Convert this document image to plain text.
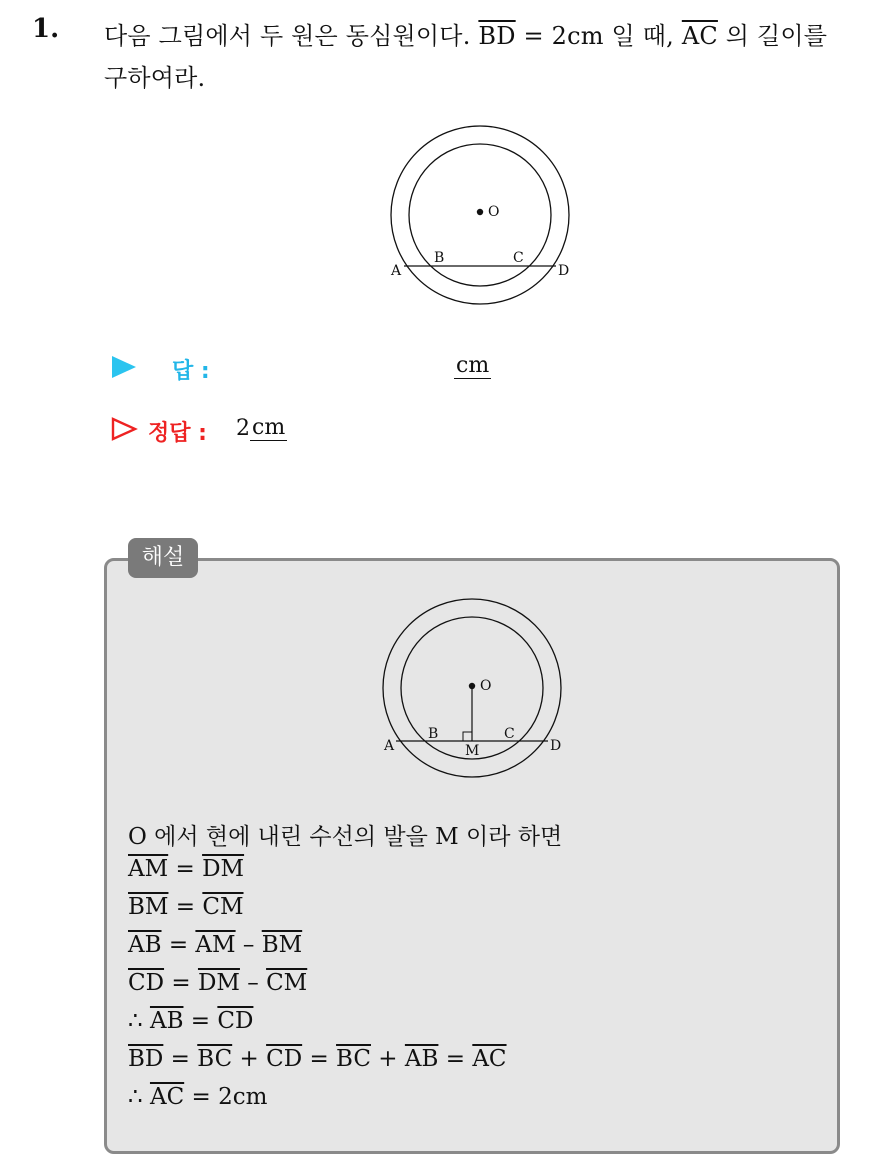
1. 다음 그림에서 두 원은 동심원이다. $\overline{BD} = 2cm$ 일 때, $\overline{AC}$ 의 길이를
구하여라.
O
A
B	C
D
답 :	cm
정답 : 2 cm
해설
O
A
B	C
D
M
O 에서 현에 내린 수선의 발을 M 이라 하면
$\overline{AM} = \overline{DM}$
$\overline{BM} = \overline{CM}$
$\overline{AB} = \overline{AM} - \overline{BM}$
$\overline{CD} = \overline{DM} - \overline{CM}$
∴ $\overline{AB} = \overline{CD}$
$\overline{BD} = \overline{BC} + \overline{CD} = \overline{BC} + \overline{AB} = \overline{AC}$
∴ $\overline{AC} = 2cm$
